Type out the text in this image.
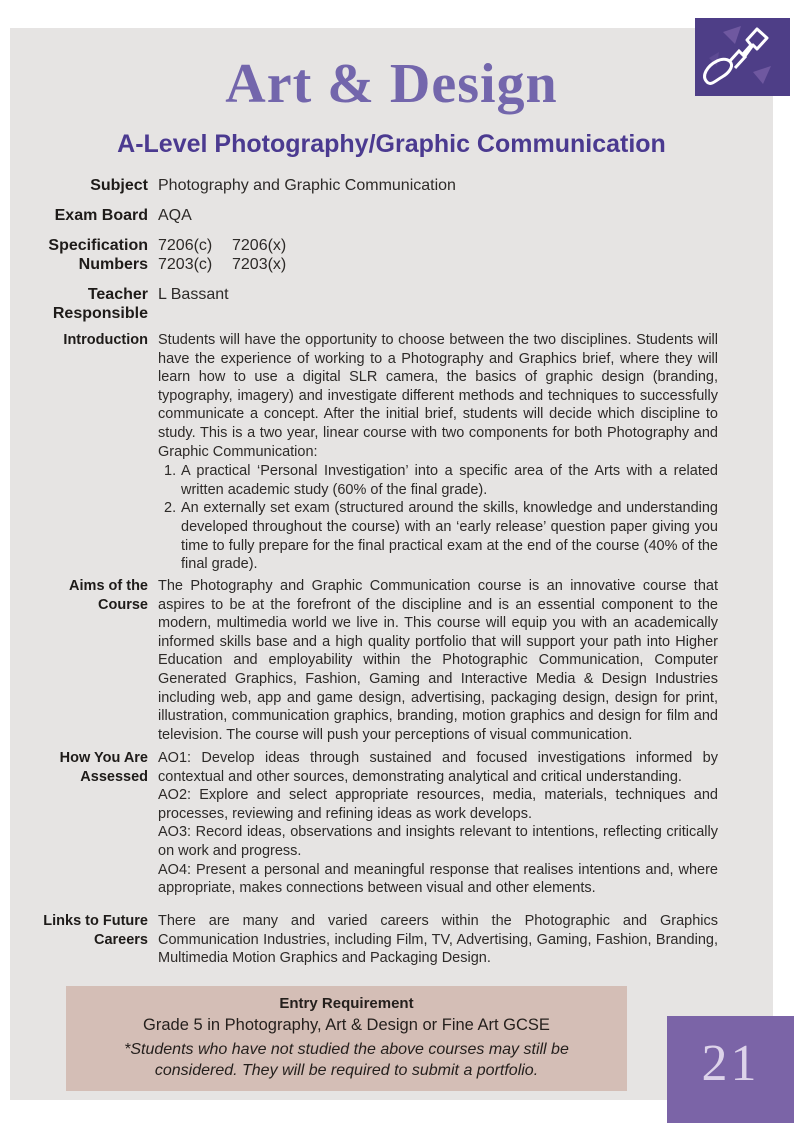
Art & Design
A-Level Photography/Graphic Communication
Subject Photography and Graphic Communication
Exam Board AQA
Specification
Numbers
7206(c) 7206(x)
7203(c) 7203(x)
Teacher
Responsible
L Bassant
Introduction Students will have the opportunity to choose between the two disciplines. Students will have the experience of working to a Photography and Graphics brief, where they will learn how to use a digital SLR camera, the basics of graphic design (branding, typography, imagery) and investigate different methods and techniques to successfully communicate a concept. After the initial brief, students will decide which discipline to study. This is a two year, linear course with two components for both Photography and Graphic Communication:

1. A practical ‘Personal Investigation’ into a specific area of the Arts with a related written academic study (60% of the final grade).
2. An externally set exam (structured around the skills, knowledge and understanding developed throughout the course) with an ‘early release’ question paper giving you time to fully prepare for the final practical exam at the end of the course (40% of the final grade).
Aims of the
Course

The Photography and Graphic Communication course is an innovative course that aspires to be at the forefront of the discipline and is an essential component to the modern, multimedia world we live in. This course will equip you with an academically informed skills base and a high quality portfolio that will support your path into Higher Education and employability within the Photographic Communication, Computer Generated Graphics, Fashion, Gaming and Interactive Media & Design Industries including web, app and game design, advertising, packaging design, design for print, illustration, communication graphics, branding, motion graphics and design for film and television. The course will push your perceptions of visual communication.

How You Are
Assessed

AO1: Develop ideas through sustained and focused investigations informed by contextual and other sources, demonstrating analytical and critical understanding.

AO2: Explore and select appropriate resources, media, materials, techniques and processes, reviewing and refining ideas as work develops.

AO3: Record ideas, observations and insights relevant to intentions, reflecting critically on work and progress.

AO4: Present a personal and meaningful response that realises intentions and, where appropriate, makes connections between visual and other elements.

Links to Future
Careers

There are many and varied careers within the Photographic and Graphics Communication Industries, including Film, TV, Advertising, Gaming, Fashion, Branding, Multimedia Motion Graphics and Packaging Design.

Entry Requirement
Grade 5 in Photography, Art & Design or Fine Art GCSE
*Students who have not studied the above courses may still be considered. They will be required to submit a portfolio.	21
